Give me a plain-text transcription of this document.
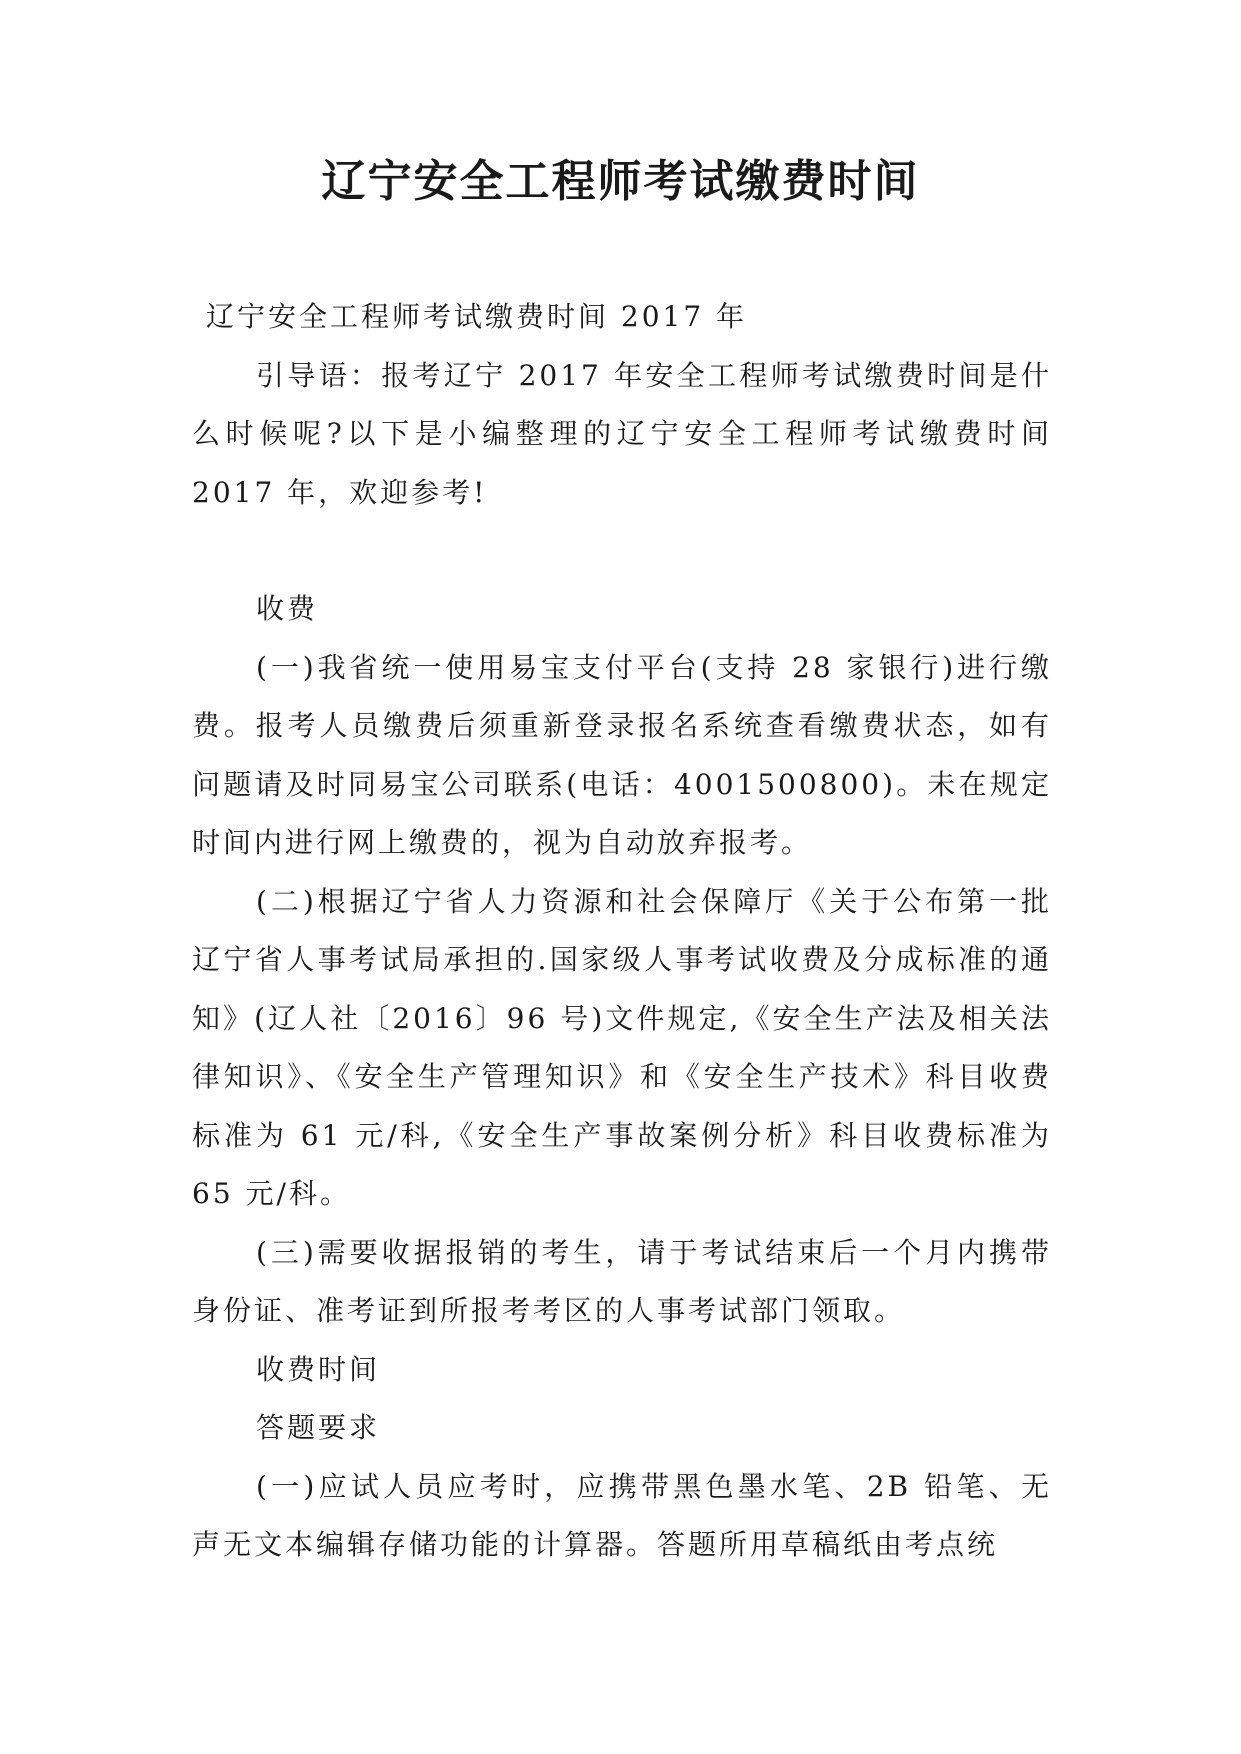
辽宁安全工程师考试缴费时间

辽宁安全工程师考试缴费时间 2017 年

引导语：报考辽宁 2017 年安全工程师考试缴费时间是什么时候呢?以下是小编整理的辽宁安全工程师考试缴费时间 2017 年，欢迎参考!

收费

(一)我省统一使用易宝支付平台(支持 28 家银行)进行缴费。报考人员缴费后须重新登录报名系统查看缴费状态，如有问题请及时同易宝公司联系(电话：4001500800)。未在规定时间内进行网上缴费的，视为自动放弃报考。

(二)根据辽宁省人力资源和社会保障厅《关于公布第一批辽宁省人事考试局承担的.国家级人事考试收费及分成标准的通知》(辽人社〔2016〕96 号)文件规定,《安全生产法及相关法律知识》、《安全生产管理知识》和《安全生产技术》科目收费标准为 61 元/科,《安全生产事故案例分析》科目收费标准为 65 元/科。

(三)需要收据报销的考生，请于考试结束后一个月内携带身份证、准考证到所报考考区的人事考试部门领取。

收费时间

答题要求

(一)应试人员应考时，应携带黑色墨水笔、2B 铅笔、无声无文本编辑存储功能的计算器。答题所用草稿纸由考点统
